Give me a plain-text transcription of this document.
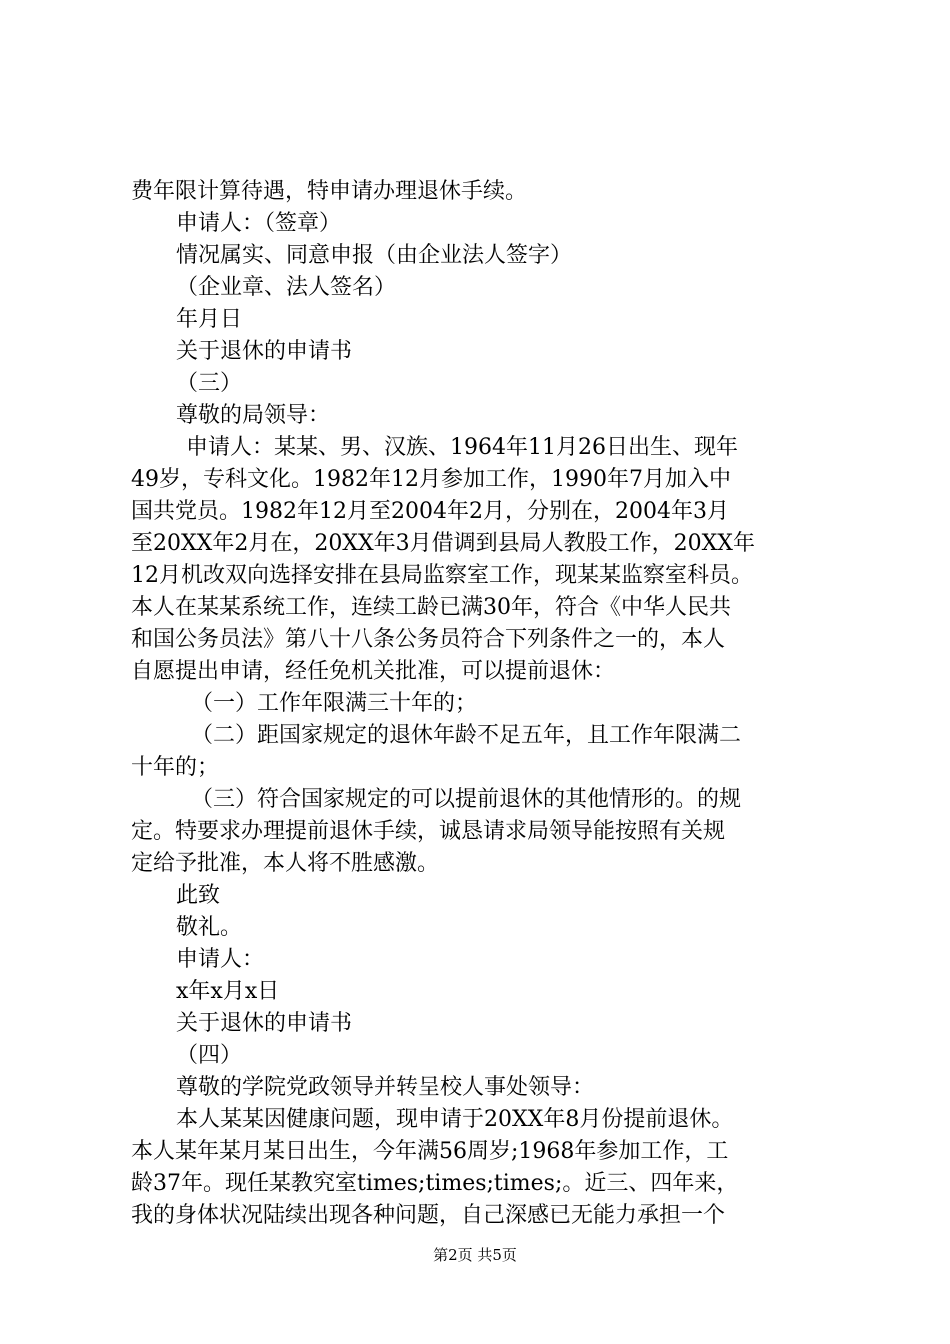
费年限计算待遇，特申请办理退休手续。

申请人：（签章）

情况属实、同意申报（由企业法人签字）

（企业章、法人签名）

年月日

关于退休的申请书

（三）

尊敬的局领导：

申请人：某某、男、汉族、1964年11月26日出生、现年

49岁，专科文化。1982年12月参加工作，1990年7月加入中

国共党员。1982年12月至2004年2月，分别在，2004年3月

至20XX年2月在，20XX年3月借调到县局人教股工作，20XX年

12月机改双向选择安排在县局监察室工作，现某某监察室科员。

本人在某某系统工作，连续工龄已满30年，符合《中华人民共

和国公务员法》第八十八条公务员符合下列条件之一的，本人

自愿提出申请，经任免机关批准，可以提前退休：

（一）工作年限满三十年的；

（二）距国家规定的退休年龄不足五年，且工作年限满二

十年的；

（三）符合国家规定的可以提前退休的其他情形的。的规

定。特要求办理提前退休手续，诚恳请求局领导能按照有关规

定给予批准，本人将不胜感激。

此致

敬礼。

申请人：

x年x月x日

关于退休的申请书

（四）

尊敬的学院党政领导并转呈校人事处领导：

本人某某因健康问题，现申请于20XX年8月份提前退休。

本人某年某月某日出生，今年满56周岁;1968年参加工作，工

龄37年。现任某教究室times;times;times;。近三、四年来，

我的身体状况陆续出现各种问题，自己深感已无能力承担一个

第2页 共5页
